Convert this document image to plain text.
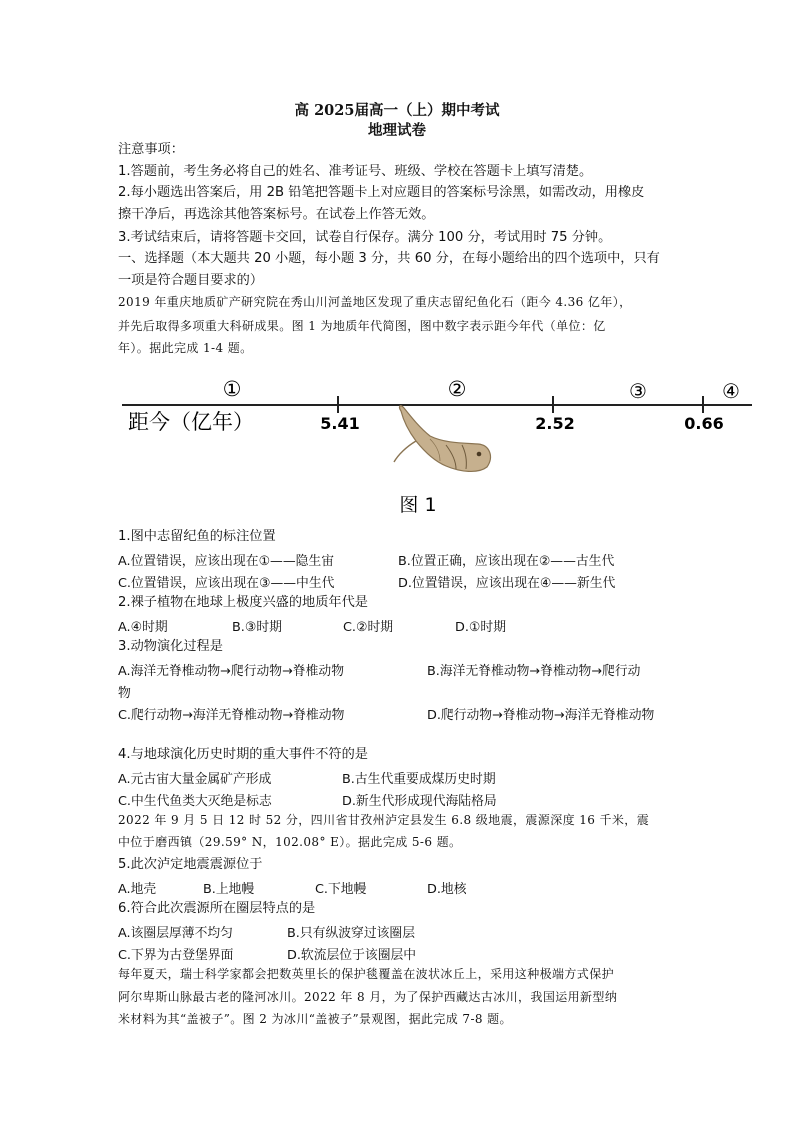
高 2025届高一（上）期中考试
地理试卷
注意事项：
1.答题前，考生务必将自己的姓名、准考证号、班级、学校在答题卡上填写清楚。
2.每小题选出答案后，用 2B 铅笔把答题卡上对应题目的答案标号涂黑，如需改动，用橡皮
擦干净后，再选涂其他答案标号。在试卷上作答无效。
3.考试结束后，请将答题卡交回，试卷自行保存。满分 100 分，考试用时 75 分钟。
一、选择题（本大题共 20 小题，每小题 3 分，共 60 分，在每小题给出的四个选项中，只有
一项是符合题目要求的）
2019 年重庆地质矿产研究院在秀山川河盖地区发现了重庆志留纪鱼化石（距今 4.36 亿年），
并先后取得多项重大科研成果。图 1 为地质年代简图，图中数字表示距今年代（单位：亿
年）。据此完成 1-4 题。
①	②	③	④
距今（亿年）	5.41	2.52	0.66
图 1
1.图中志留纪鱼的标注位置
A.位置错误，应该出现在①——隐生宙	B.位置正确，应该出现在②——古生代
C.位置错误，应该出现在③——中生代	D.位置错误，应该出现在④——新生代
2.裸子植物在地球上极度兴盛的地质年代是
A.④时期	B.③时期	C.②时期	D.①时期
3.动物演化过程是
A.海洋无脊椎动物→爬行动物→脊椎动物	B.海洋无脊椎动物→脊椎动物→爬行动
物
C.爬行动物→海洋无脊椎动物→脊椎动物	D.爬行动物→脊椎动物→海洋无脊椎动物
4.与地球演化历史时期的重大事件不符的是
A.元古宙大量金属矿产形成	B.古生代重要成煤历史时期
C.中生代鱼类大灭绝是标志	D.新生代形成现代海陆格局
2022 年 9 月 5 日 12 时 52 分，四川省甘孜州泸定县发生 6.8 级地震，震源深度 16 千米，震
中位于磨西镇（29.59° N，102.08° E）。据此完成 5-6 题。
5.此次泸定地震震源位于
A.地壳	B.上地幔	C.下地幔	D.地核
6.符合此次震源所在圈层特点的是
A.该圈层厚薄不均匀	B.只有纵波穿过该圈层
C.下界为古登堡界面	D.软流层位于该圈层中
每年夏天，瑞士科学家都会把数英里长的保护毯覆盖在波状冰丘上，采用这种极端方式保护
阿尔卑斯山脉最古老的隆河冰川。2022 年 8 月，为了保护西藏达古冰川，我国运用新型纳
米材料为其“盖被子”。图 2 为冰川“盖被子”景观图，据此完成 7-8 题。
